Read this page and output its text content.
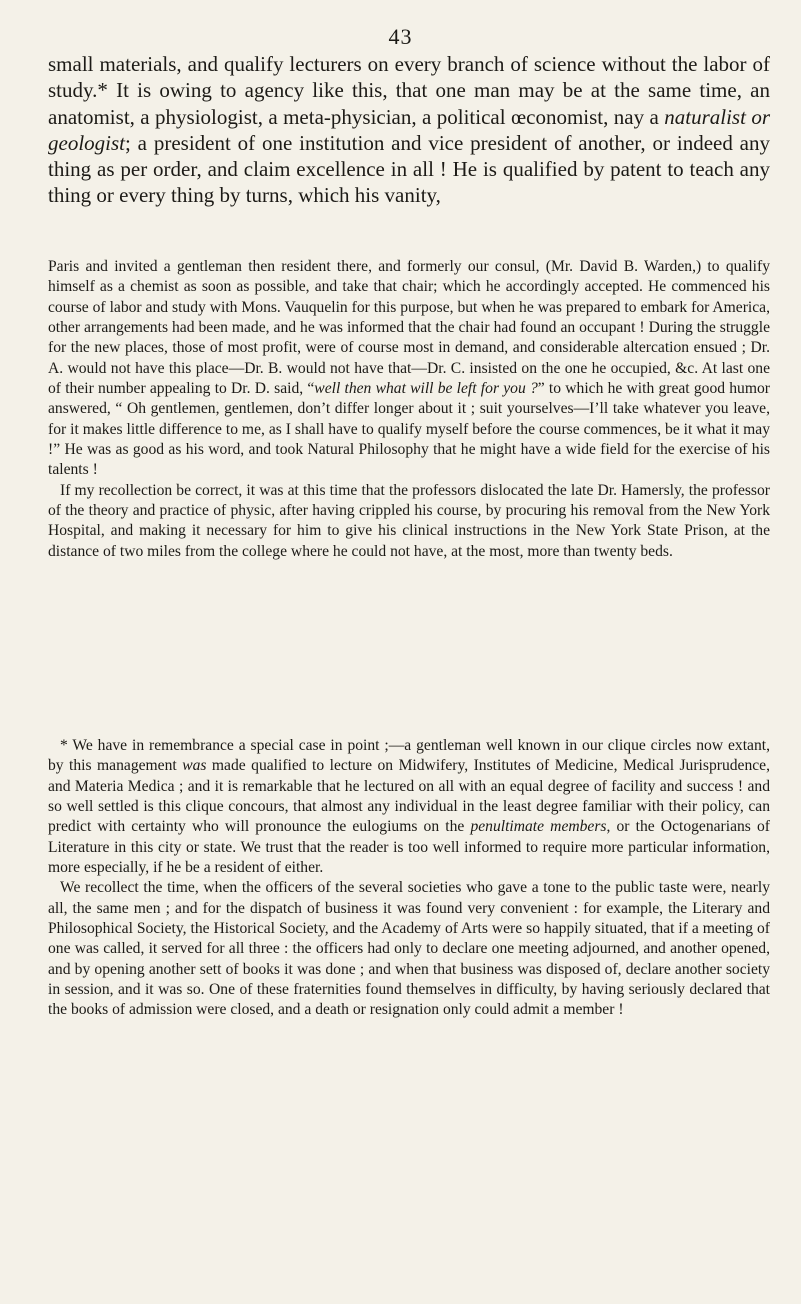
43

small materials, and qualify lecturers on every branch of science without the labor of study.* It is owing to agency like this, that one man may be at the same time, an anatomist, a physiologist, a meta-physician, a political œconomist, nay a naturalist or geologist; a president of one institution and vice president of another, or indeed any thing as per order, and claim excellence in all ! He is qualified by patent to teach any thing or every thing by turns, which his vanity,

Paris and invited a gentleman then resident there, and formerly our consul, (Mr. David B. Warden,) to qualify himself as a chemist as soon as possible, and take that chair; which he accordingly accepted. He commenced his course of labor and study with Mons. Vauquelin for this purpose, but when he was prepared to embark for America, other arrangements had been made, and he was informed that the chair had found an occupant ! During the struggle for the new places, those of most profit, were of course most in demand, and considerable altercation ensued ; Dr. A. would not have this place—Dr. B. would not have that—Dr. C. insisted on the one he occupied, &c. At last one of their number appealing to Dr. D. said, “well then what will be left for you ?” to which he with great good humor answered, “ Oh gentlemen, gentlemen, don’t differ longer about it ; suit yourselves—I’ll take whatever you leave, for it makes little difference to me, as I shall have to qualify myself before the course commences, be it what it may !” He was as good as his word, and took Natural Philosophy that he might have a wide field for the exercise of his talents !

If my recollection be correct, it was at this time that the professors dislocated the late Dr. Hamersly, the professor of the theory and practice of physic, after having crippled his course, by procuring his removal from the New York Hospital, and making it necessary for him to give his clinical instructions in the New York State Prison, at the distance of two miles from the college where he could not have, at the most, more than twenty beds.

* We have in remembrance a special case in point ;—a gentleman well known in our clique circles now extant, by this management was made qualified to lecture on Midwifery, Institutes of Medicine, Medical Jurisprudence, and Materia Medica ; and it is remarkable that he lectured on all with an equal degree of facility and success ! and so well settled is this clique concours, that almost any individual in the least degree familiar with their policy, can predict with certainty who will pronounce the eulogiums on the penultimate members, or the Octogenarians of Literature in this city or state. We trust that the reader is too well informed to require more particular information, more especially, if he be a resident of either.

We recollect the time, when the officers of the several societies who gave a tone to the public taste were, nearly all, the same men ; and for the dispatch of business it was found very convenient : for example, the Literary and Philosophical Society, the Historical Society, and the Academy of Arts were so happily situated, that if a meeting of one was called, it served for all three : the officers had only to declare one meeting adjourned, and another opened, and by opening another sett of books it was done ; and when that business was disposed of, declare another society in session, and it was so. One of these fraternities found themselves in difficulty, by having seriously declared that the books of admission were closed, and a death or resignation only could admit a member !
